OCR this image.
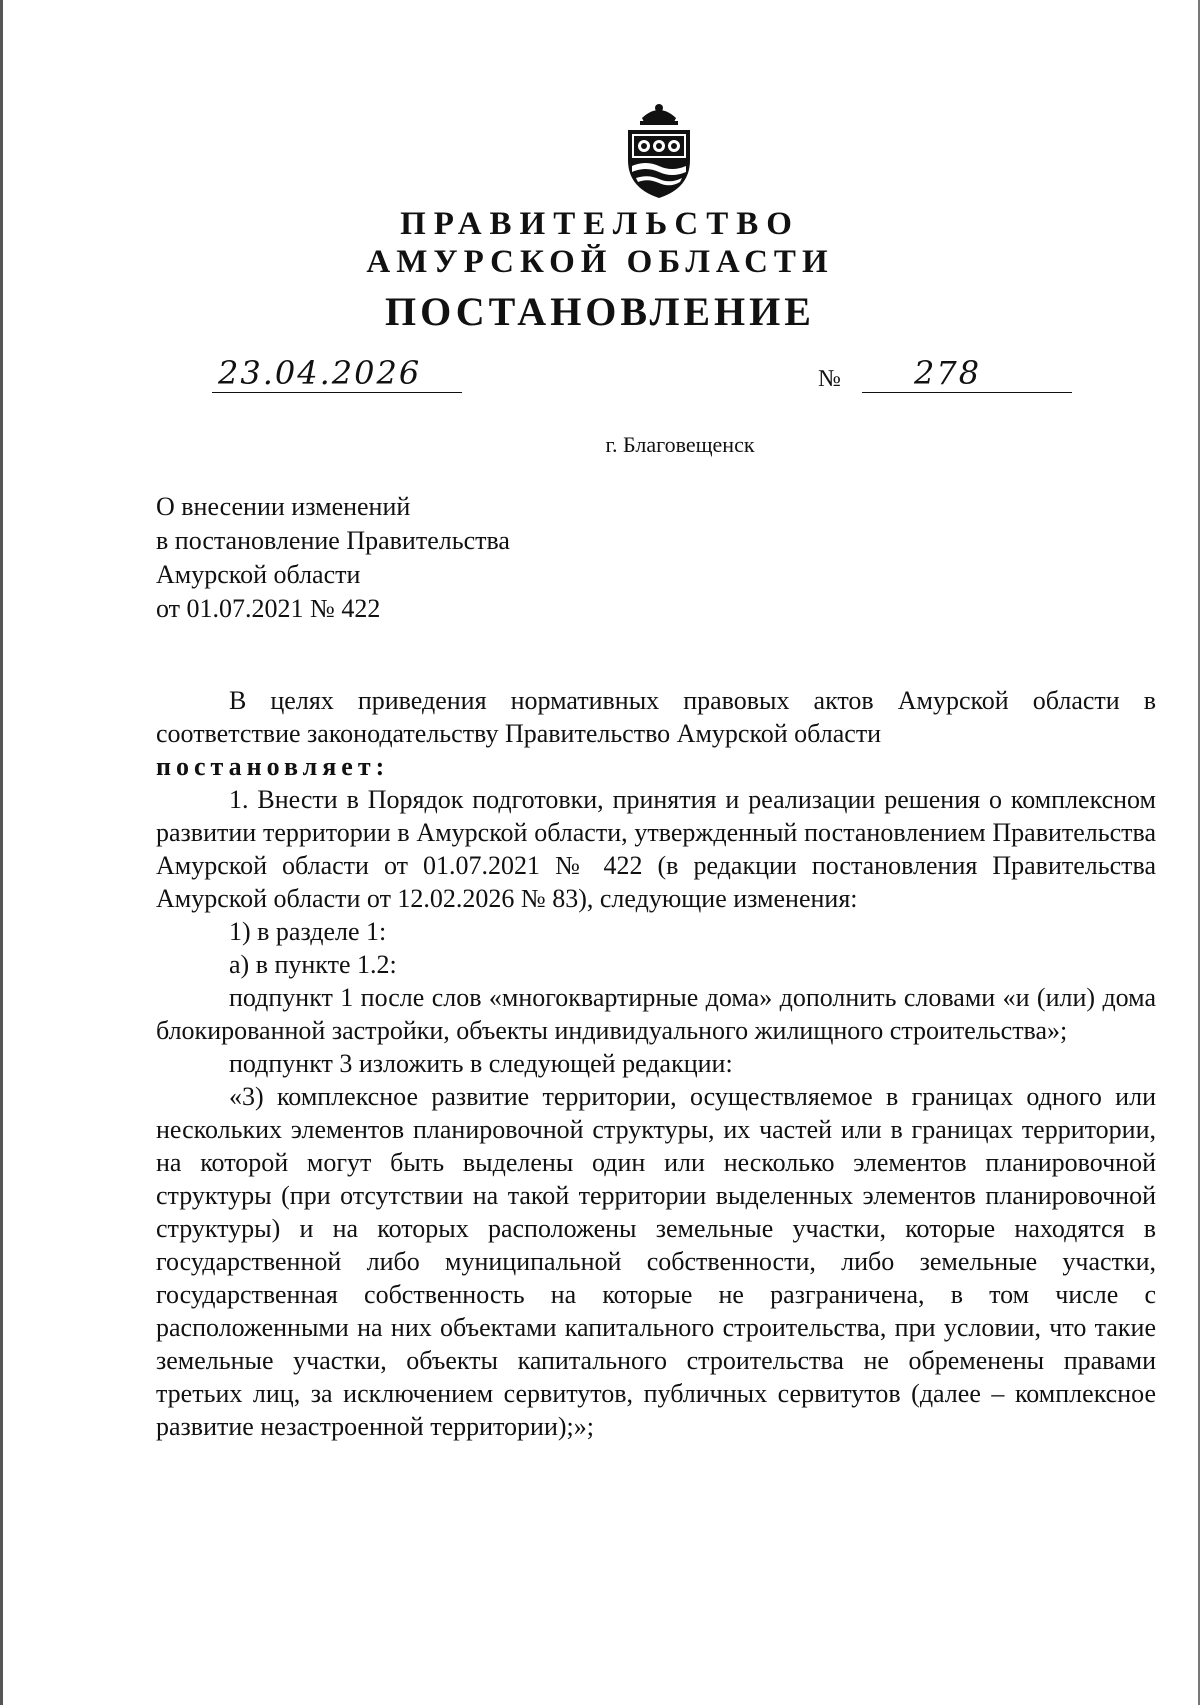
ПРАВИТЕЛЬСТВО
АМУРСКОЙ ОБЛАСТИ
ПОСТАНОВЛЕНИЕ
23.04.2026	№ 278
г. Благовещенск
О внесении изменений
в постановление Правительства
Амурской области
от 01.07.2021 № 422

В целях приведения нормативных правовых актов Амурской области в соответствие законодательству Правительство Амурской области

постановляет:

1. Внести в Порядок подготовки, принятия и реализации решения о комплексном развитии территории в Амурской области, утвержденный постановлением Правительства Амурской области от 01.07.2021 № 422 (в редакции постановления Правительства Амурской области от 12.02.2026 № 83), следующие изменения:

1) в разделе 1:

а) в пункте 1.2:

подпункт 1 после слов «многоквартирные дома» дополнить словами «и (или) дома блокированной застройки, объекты индивидуального жилищного строительства»;

подпункт 3 изложить в следующей редакции:

«3) комплексное развитие территории, осуществляемое в границах одного или нескольких элементов планировочной структуры, их частей или в границах территории, на которой могут быть выделены один или несколько элементов планировочной структуры (при отсутствии на такой территории выделенных элементов планировочной структуры) и на которых расположены земельные участки, которые находятся в государственной либо муниципальной собственности, либо земельные участки, государственная собственность на которые не разграничена, в том числе с расположенными на них объектами капитального строительства, при условии, что такие земельные участки, объекты капитального строительства не обременены правами третьих лиц, за исключением сервитутов, публичных сервитутов (далее – комплексное развитие незастроенной территории);»;
